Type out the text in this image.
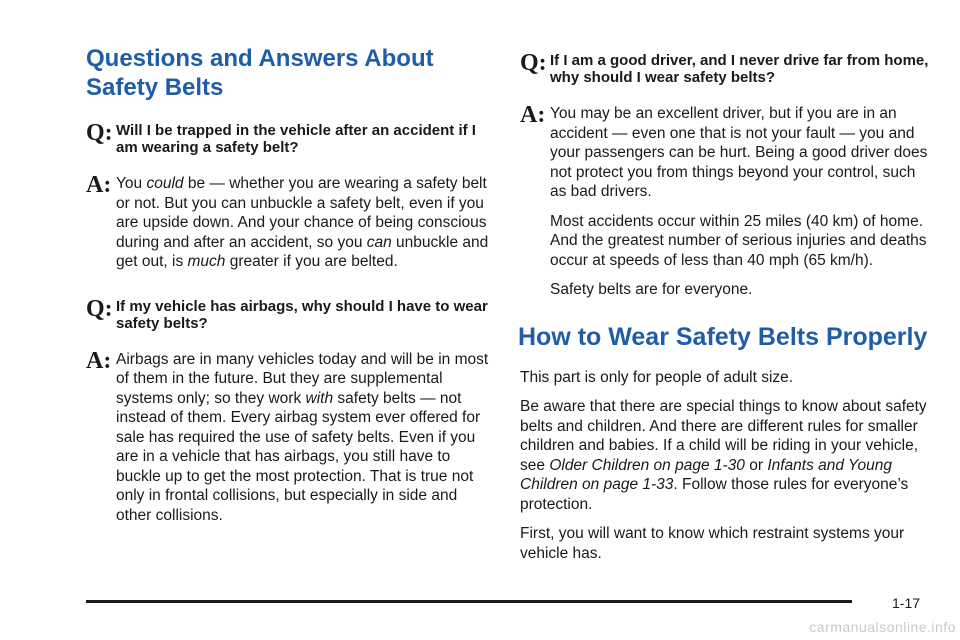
Questions and Answers About Safety Belts
Q: Will I be trapped in the vehicle after an accident if I am wearing a safety belt?
A: You could be — whether you are wearing a safety belt or not. But you can unbuckle a safety belt, even if you are upside down. And your chance of being conscious during and after an accident, so you can unbuckle and get out, is much greater if you are belted.
Q: If my vehicle has airbags, why should I have to wear safety belts?
A: Airbags are in many vehicles today and will be in most of them in the future. But they are supplemental systems only; so they work with safety belts — not instead of them. Every airbag system ever offered for sale has required the use of safety belts. Even if you are in a vehicle that has airbags, you still have to buckle up to get the most protection. That is true not only in frontal collisions, but especially in side and other collisions.
Q: If I am a good driver, and I never drive far from home, why should I wear safety belts?
A: You may be an excellent driver, but if you are in an accident — even one that is not your fault — you and your passengers can be hurt. Being a good driver does not protect you from things beyond your control, such as bad drivers.

Most accidents occur within 25 miles (40 km) of home. And the greatest number of serious injuries and deaths occur at speeds of less than 40 mph (65 km/h).

Safety belts are for everyone.

How to Wear Safety Belts Properly

This part is only for people of adult size.

Be aware that there are special things to know about safety belts and children. And there are different rules for smaller children and babies. If a child will be riding in your vehicle, see Older Children on page 1-30 or Infants and Young Children on page 1-33. Follow those rules for everyone’s protection.

First, you will want to know which restraint systems your vehicle has.

1-17
carmanualsonline.info
